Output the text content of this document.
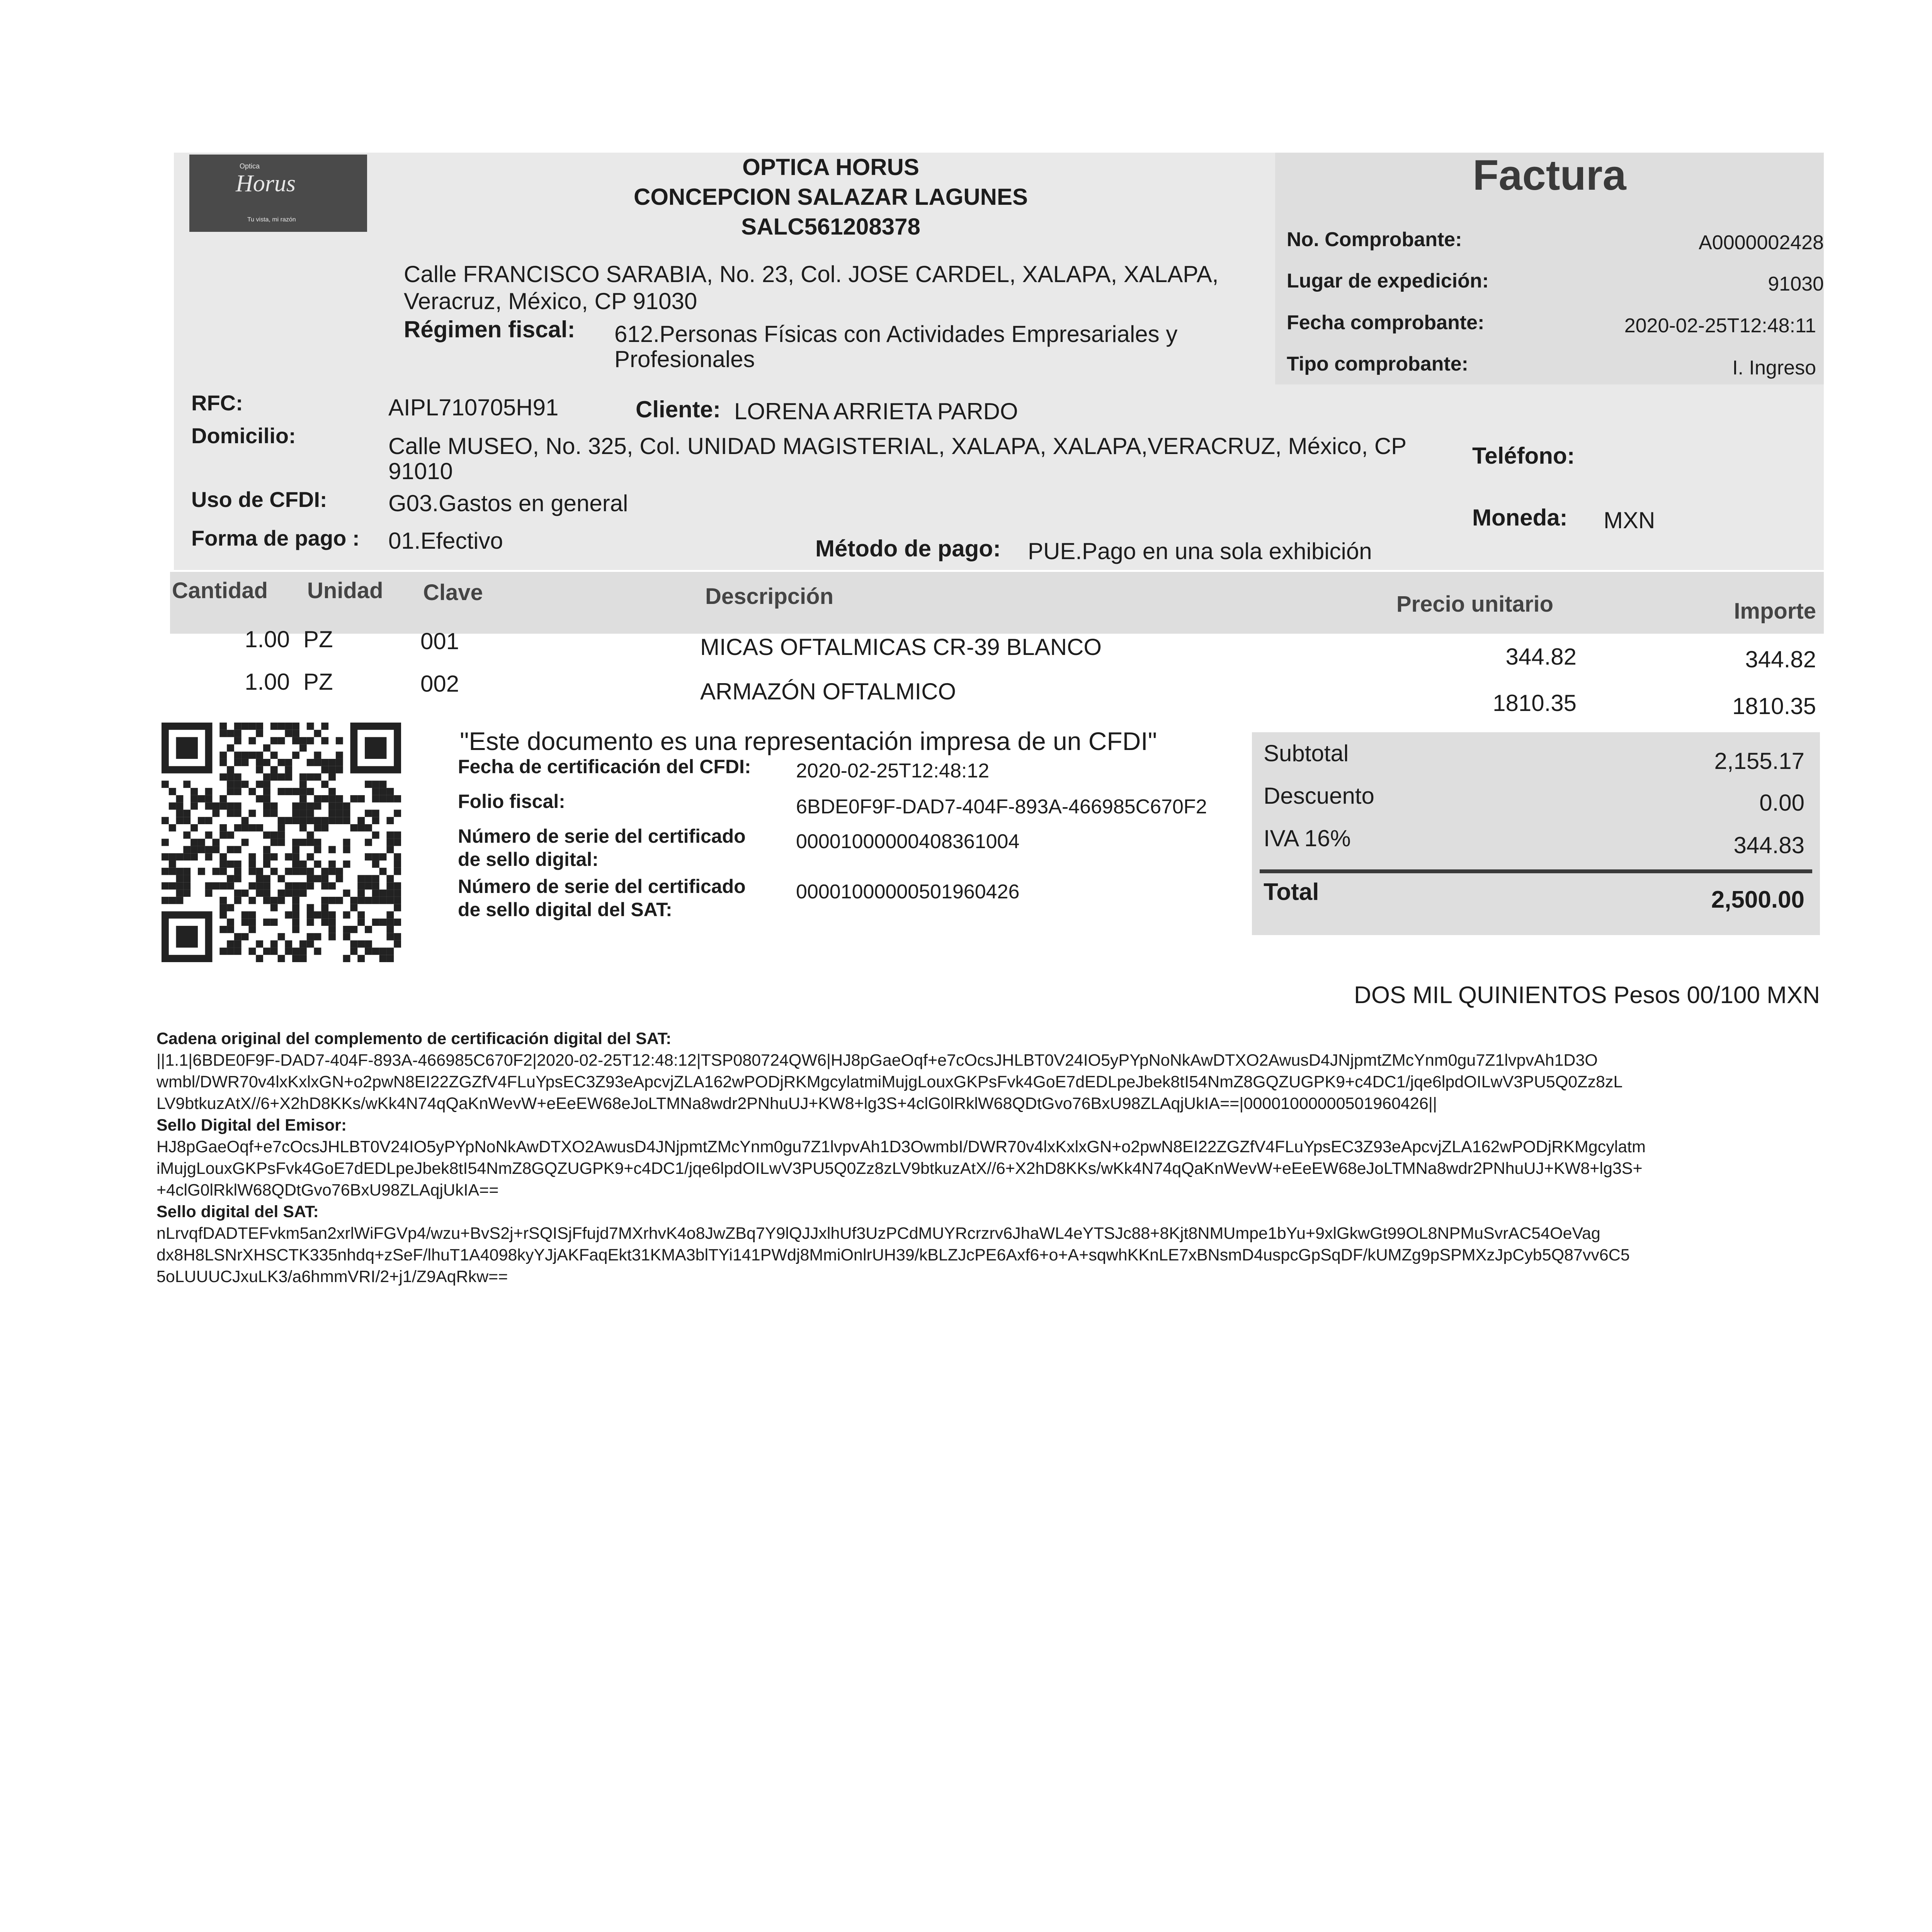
Optica
Horus
Tu vista, mi razón
OPTICA HORUS
CONCEPCION SALAZAR LAGUNES
SALC561208378
Calle FRANCISCO SARABIA, No. 23, Col. JOSE CARDEL, XALAPA, XALAPA,
Veracruz, México, CP 91030
Régimen fiscal: 612.Personas Físicas con Actividades Empresariales y
Profesionales
Factura
No. Comprobante:	A0000002428
Lugar de expedición:	91030
Fecha comprobante:	2020-02-25T12:48:11
Tipo comprobante:	I. Ingreso
RFC:	AIPL710705H91	Cliente: LORENA ARRIETA PARDO
Domicilio:	Calle MUSEO, No. 325, Col. UNIDAD MAGISTERIAL, XALAPA, XALAPA,VERACRUZ, México, CP
91010
Teléfono:
Uso de CFDI:	G03.Gastos en general
Moneda: MXN
Forma de pago : 01.Efectivo	Método de pago: PUE.Pago en una sola exhibición
Cantidad Unidad Clave	Descripción	Precio unitario	Importe
1.00 PZ	001	MICAS OFTALMICAS CR-39 BLANCO	344.82	344.82
1.00 PZ	002	ARMAZÓN OFTALMICO	1810.35	1810.35
"Este documento es una representación impresa de un CFDI"
Fecha de certificación del CFDI: 2020-02-25T12:48:12
Folio fiscal:	6BDE0F9F-DAD7-404F-893A-466985C670F2
Número de serie del certificado
de sello digital:
00001000000408361004
Número de serie del certificado
de sello digital del SAT:
00001000000501960426
Subtotal	2,155.17
Descuento	0.00
IVA 16%	344.83
Total	2,500.00
DOS MIL QUINIENTOS Pesos 00/100 MXN
Cadena original del complemento de certificación digital del SAT:
||1.1|6BDE0F9F-DAD7-404F-893A-466985C670F2|2020-02-25T12:48:12|TSP080724QW6|HJ8pGaeOqf+e7cOcsJHLBT0V24IO5yPYpNoNkAwDTXO2AwusD4JNjpmtZMcYnm0gu7Z1lvpvAh1D3O
wmbl/DWR70v4lxKxlxGN+o2pwN8EI22ZGZfV4FLuYpsEC3Z93eApcvjZLA162wPODjRKMgcylatmiMujgLouxGKPsFvk4GoE7dEDLpeJbek8tI54NmZ8GQZUGPK9+c4DC1/jqe6lpdOILwV3PU5Q0Zz8zL
LV9btkuzAtX//6+X2hD8KKs/wKk4N74qQaKnWevW+eEeEW68eJoLTMNa8wdr2PNhuUJ+KW8+lg3S+4clG0lRklW68QDtGvo76BxU98ZLAqjUkIA==|00001000000501960426||
Sello Digital del Emisor:
HJ8pGaeOqf+e7cOcsJHLBT0V24IO5yPYpNoNkAwDTXO2AwusD4JNjpmtZMcYnm0gu7Z1lvpvAh1D3OwmbI/DWR70v4lxKxlxGN+o2pwN8EI22ZGZfV4FLuYpsEC3Z93eApcvjZLA162wPODjRKMgcylatm
iMujgLouxGKPsFvk4GoE7dEDLpeJbek8tI54NmZ8GQZUGPK9+c4DC1/jqe6lpdOILwV3PU5Q0Zz8zLV9btkuzAtX//6+X2hD8KKs/wKk4N74qQaKnWevW+eEeEW68eJoLTMNa8wdr2PNhuUJ+KW8+lg3S+
+4clG0lRklW68QDtGvo76BxU98ZLAqjUkIA==
Sello digital del SAT:
nLrvqfDADTEFvkm5an2xrlWiFGVp4/wzu+BvS2j+rSQISjFfujd7MXrhvK4o8JwZBq7Y9lQJJxlhUf3UzPCdMUYRcrzrv6JhaWL4eYTSJc88+8Kjt8NMUmpe1bYu+9xlGkwGt99OL8NPMuSvrAC54OeVag
dx8H8LSNrXHSCTK335nhdq+zSeF/lhuT1A4098kyYJjAKFaqEkt31KMA3blTYi141PWdj8MmiOnlrUH39/kBLZJcPE6Axf6+o+A+sqwhKKnLE7xBNsmD4uspcGpSqDF/kUMZg9pSPMXzJpCyb5Q87vv6C5
5oLUUUCJxuLK3/a6hmmVRI/2+j1/Z9AqRkw==
